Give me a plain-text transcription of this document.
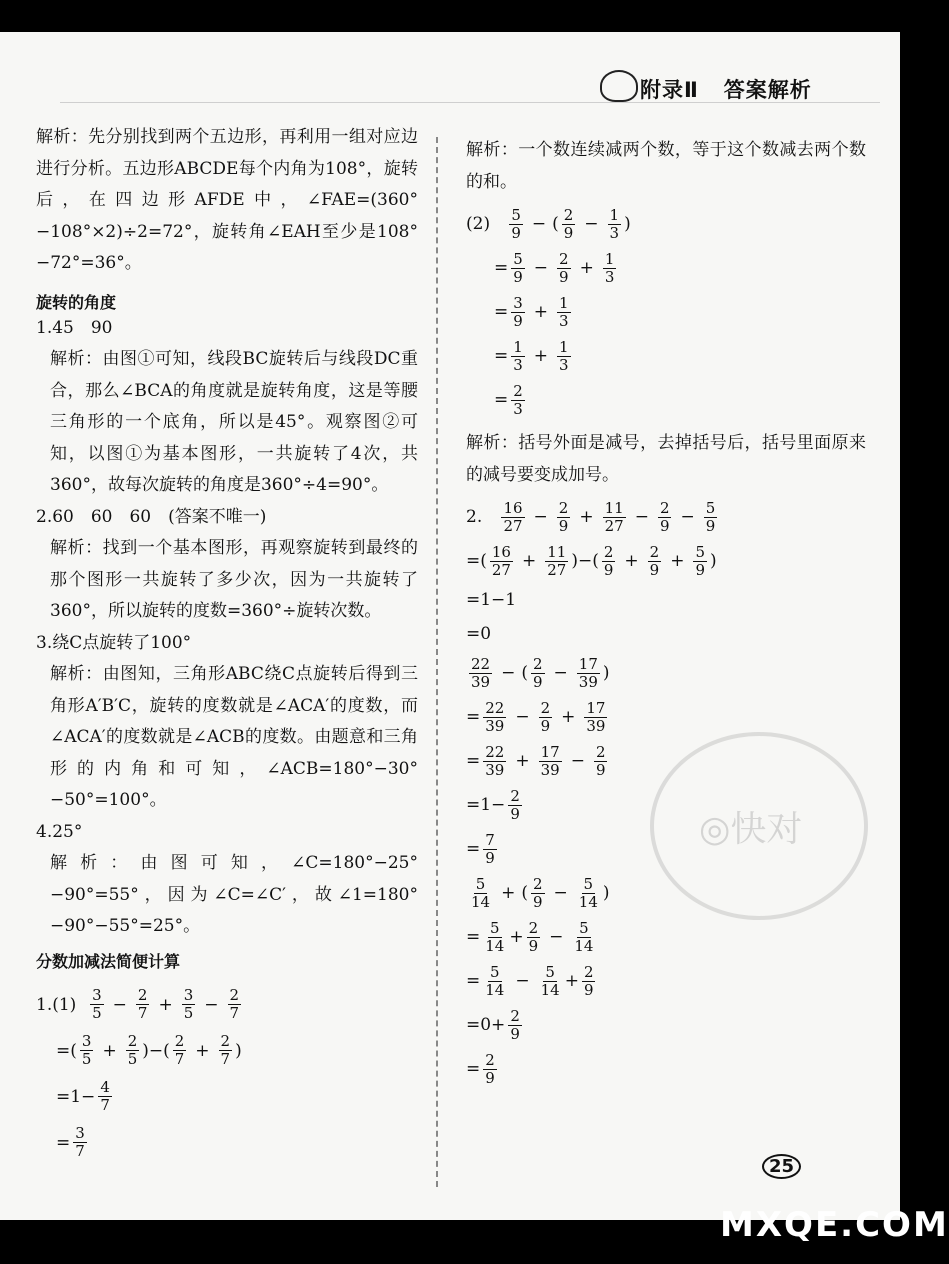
附录Ⅱ 答案解析
◎快对

解析：先分别找到两个五边形，再利用一组对应边进行分析。五边形ABCDE每个内角为108°，旋转后，在四边形AFDE中，∠FAE=(360°−108°×2)÷2=72°，旋转角∠EAH至少是108°−72°=36°。

旋转的角度

1.45　90

解析：由图①可知，线段BC旋转后与线段DC重合，那么∠BCA的角度就是旋转角度，这是等腰三角形的一个底角，所以是45°。观察图②可知，以图①为基本图形，一共旋转了4次，共360°，故每次旋转的角度是360°÷4=90°。

2.60　60　60　(答案不唯一)

解析：找到一个基本图形，再观察旋转到最终的那个图形一共旋转了多少次，因为一共旋转了360°，所以旋转的度数=360°÷旋转次数。

3.绕C点旋转了100°

解析：由图知，三角形ABC绕C点旋转后得到三角形A′B′C，旋转的度数就是∠ACA′的度数，而∠ACA′的度数就是∠ACB的度数。由题意和三角形的内角和可知，∠ACB=180°−30°−50°=100°。

4.25°

解析：由图可知，∠C=180°−25°−90°=55°，因为∠C=∠C′，故∠1=180°−90°−55°=25°。

分数加减法简便计算

1.(1)
$\frac{3}{5} - \frac{2}{7} + \frac{3}{5} - \frac{2}{7}$
=( $\frac{3}{5} + \frac{2}{5}$ )−( $\frac{2}{7} + \frac{2}{7}$ )
$=1- \frac{4}{7}$
= $\frac{3}{7}$

解析：一个数连续减两个数，等于这个数减去两个数的和。

(2)
$\frac{5}{9}$ − ( $\frac{2}{9} - \frac{1}{3}$ )
= $\frac{5}{9} - \frac{2}{9} + \frac{1}{3}$
= $\frac{3}{9} + \frac{1}{3}$
= $\frac{1}{3} + \frac{1}{3}$
= $\frac{2}{3}$

解析：括号外面是减号，去掉括号后，括号里面原来的减号要变成加号。

2.
$\frac{16}{27} - \frac{2}{9} + \frac{11}{27} - \frac{2}{9} - \frac{5}{9}$
=( $\frac{16}{27} + \frac{11}{27}$ )−( $\frac{2}{9} + \frac{2}{9} + \frac{5}{9}$ )
=1−1
=0
$\frac{22}{39}$ − ( $\frac{2}{9} - \frac{17}{39}$ )
= $\frac{22}{39} - \frac{2}{9} + \frac{17}{39}$
= $\frac{22}{39} + \frac{17}{39} - \frac{2}{9}$
$=1- \frac{2}{9}$
= $\frac{7}{9}$
$\frac{5}{14}$ + ( $\frac{2}{9} - \frac{5}{14}$ )
= $\frac{5}{14} + \frac{2}{9} - \frac{5}{14}$
= $\frac{5}{14} - \frac{5}{14} + \frac{2}{9}$
$=0+ \frac{2}{9}$
= $\frac{2}{9}$
25
MXQE.COM
